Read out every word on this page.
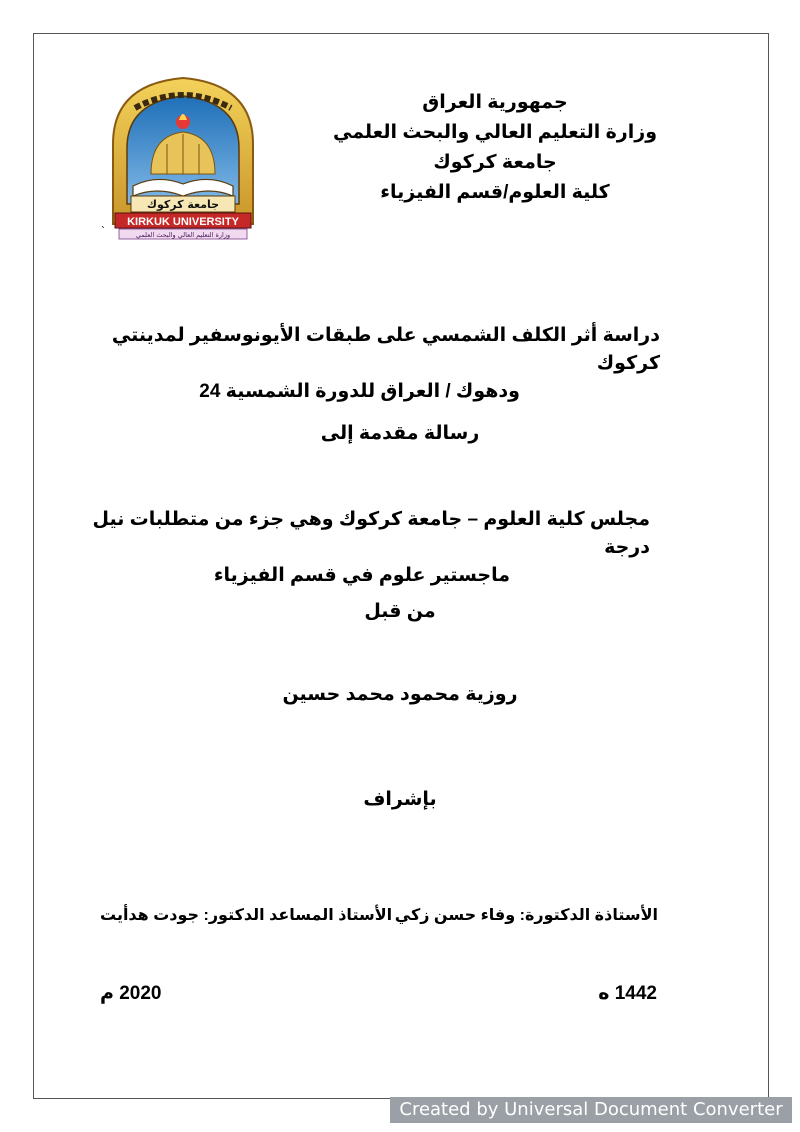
جمهورية العراق
وزارة التعليم العالي والبحث العلمي
جامعة كركوك
كلية العلوم/قسم الفيزياء
جامعة كركوك
KIRKUK UNIVERSITY
وزارة التعليم العالي والبحث العلمي
`
دراسة أثر الكلف الشمسي على طبقات الأيونوسفير لمدينتي كركوك
ودهوك / العراق للدورة الشمسية 24
رسالة مقدمة إلى
مجلس كلية العلوم – جامعة كركوك وهي جزء من متطلبات نيل درجة
ماجستير علوم في قسم الفيزياء
من قبل
روزية محمود محمد حسين
بإشراف
الأستاذة الدكتورة: وفاء حسن زكي
الأستاذ المساعد الدكتور: جودت هدأيت
1442 ه
2020 م
Created by Universal Document Converter
